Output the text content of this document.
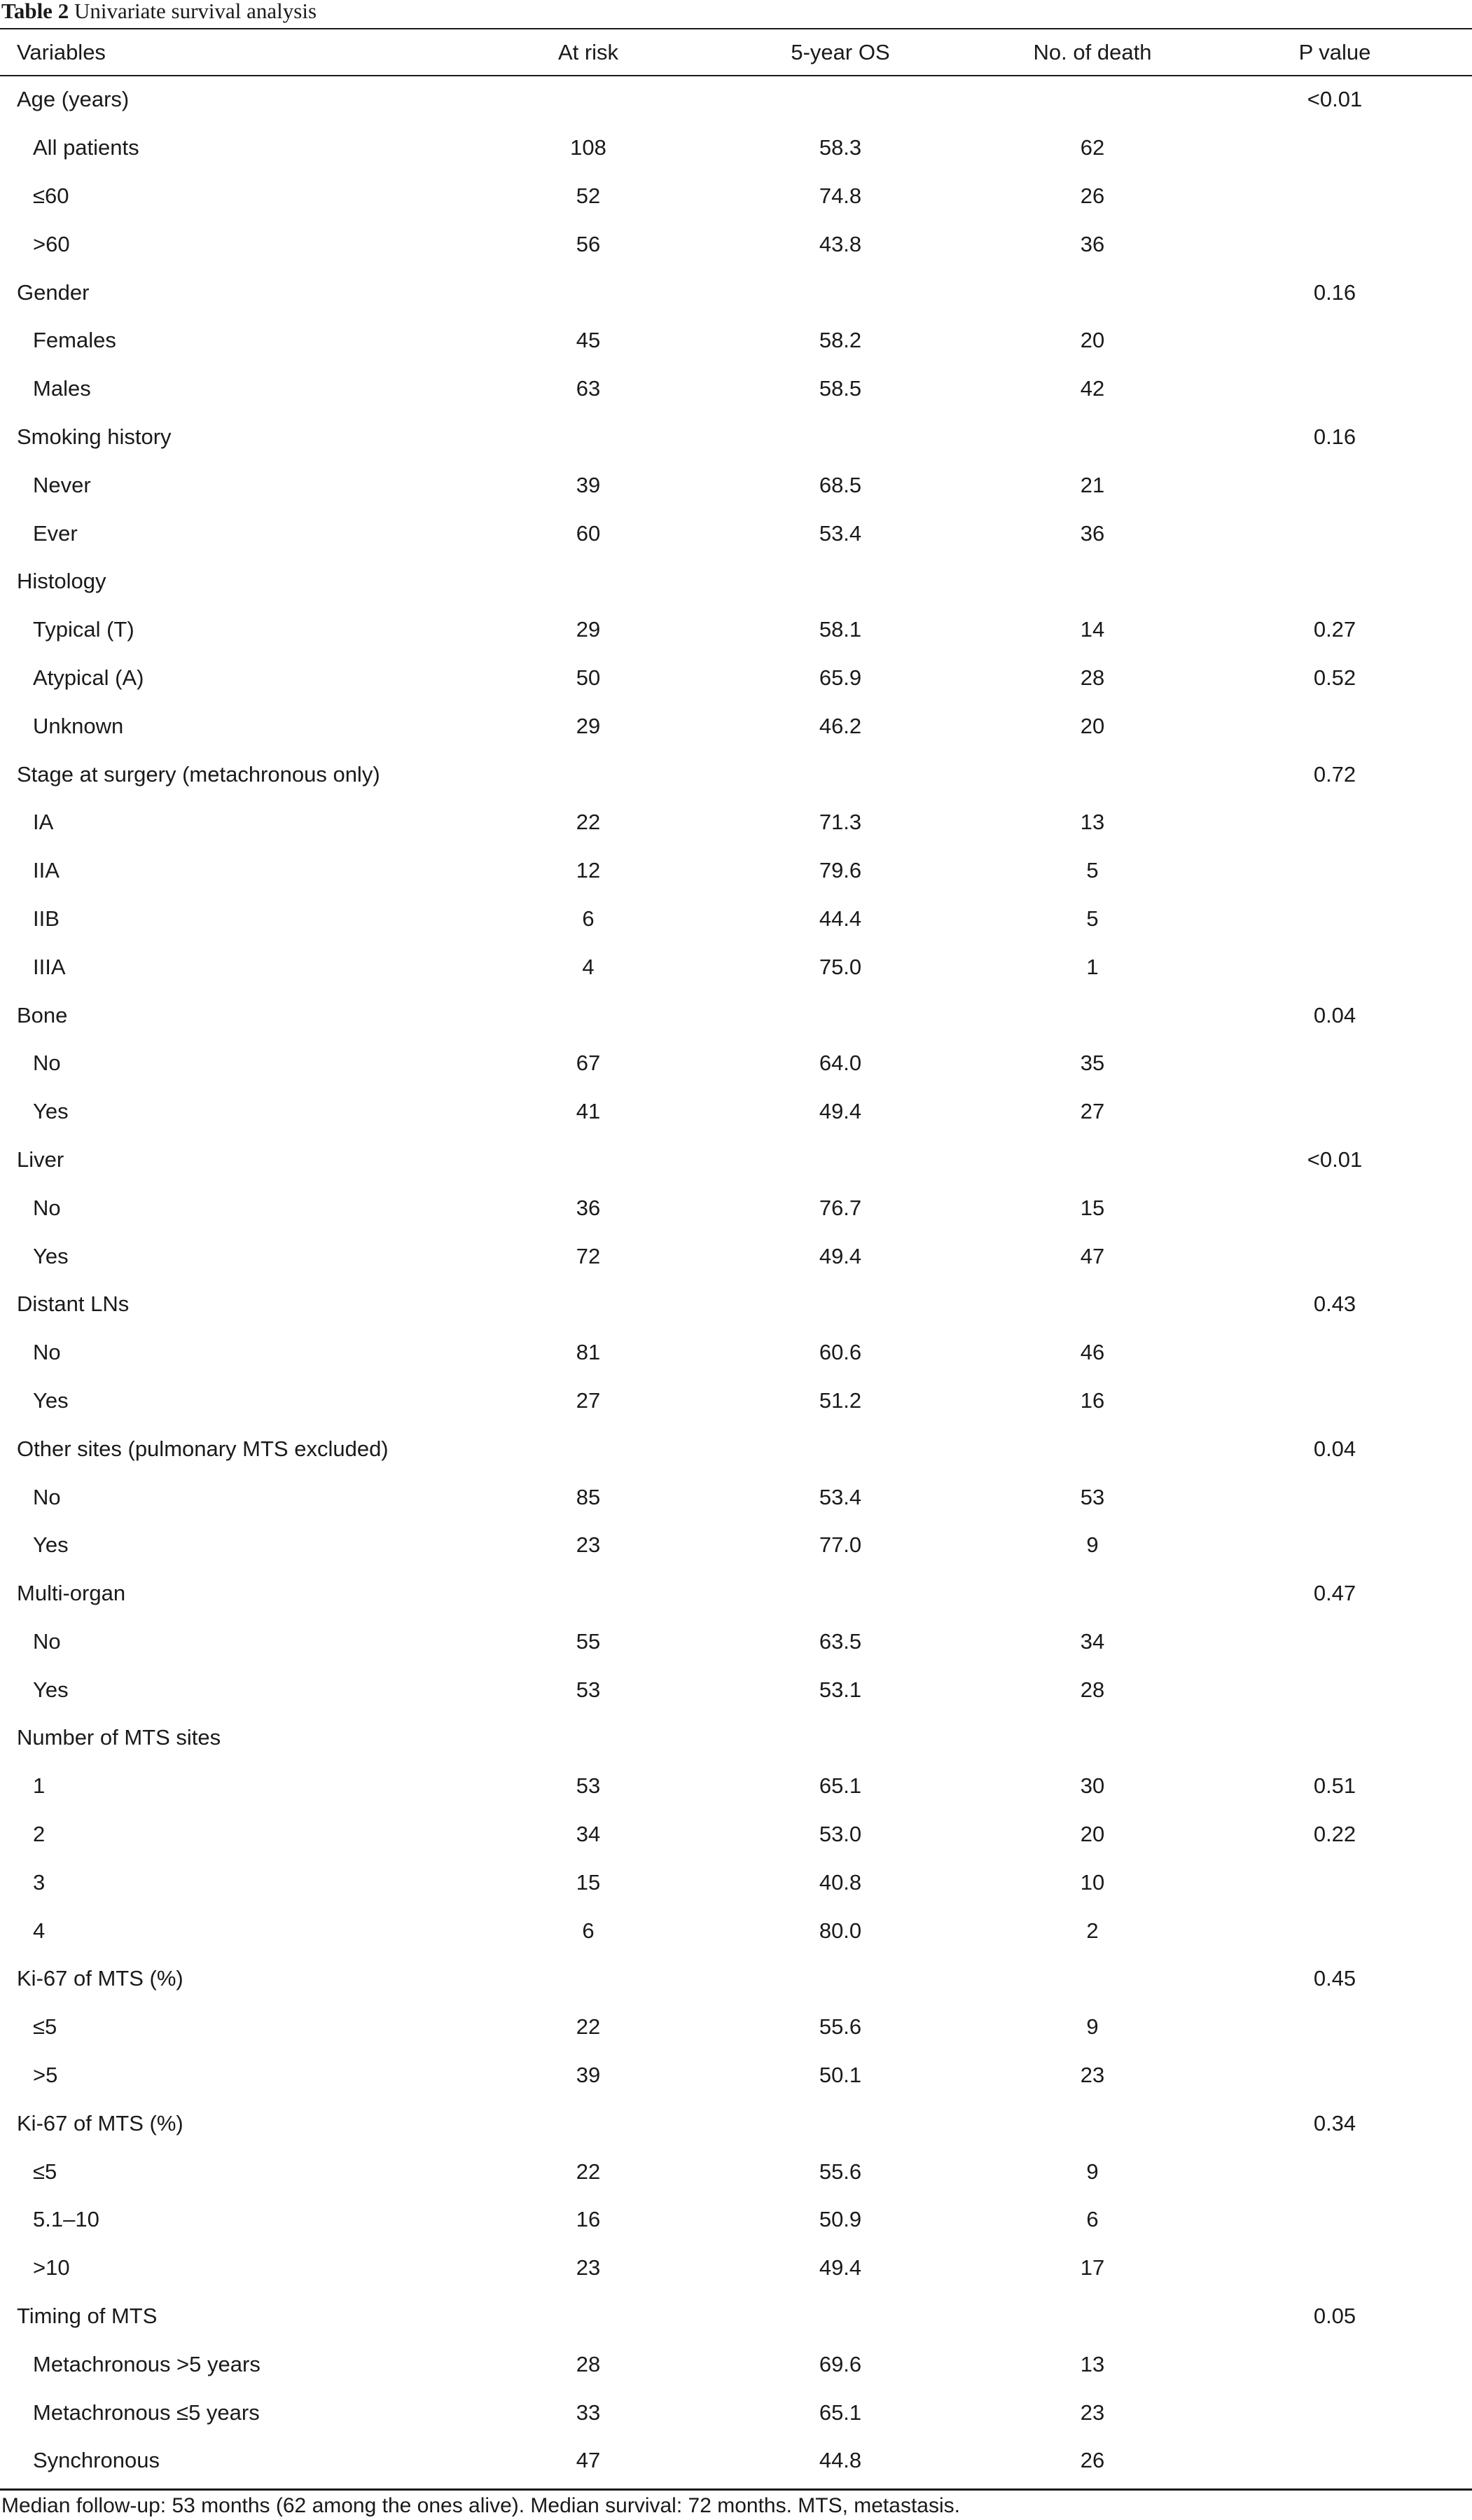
Table 2 Univariate survival analysis
Variables	At risk	5-year OS	No. of death	P value
Age (years)				<0.01
All patients	108	58.3	62	
≤60	52	74.8	26	
>60	56	43.8	36	
Gender				0.16
Females	45	58.2	20	
Males	63	58.5	42	
Smoking history				0.16
Never	39	68.5	21	
Ever	60	53.4	36	
Histology				
Typical (T)	29	58.1	14	0.27
Atypical (A)	50	65.9	28	0.52
Unknown	29	46.2	20	
Stage at surgery (metachronous only)				0.72
IA	22	71.3	13	
IIA	12	79.6	5	
IIB	6	44.4	5	
IIIA	4	75.0	1	
Bone				0.04
No	67	64.0	35	
Yes	41	49.4	27	
Liver				<0.01
No	36	76.7	15	
Yes	72	49.4	47	
Distant LNs				0.43
No	81	60.6	46	
Yes	27	51.2	16	
Other sites (pulmonary MTS excluded)				0.04
No	85	53.4	53	
Yes	23	77.0	9	
Multi-organ				0.47
No	55	63.5	34	
Yes	53	53.1	28	
Number of MTS sites				
1	53	65.1	30	0.51
2	34	53.0	20	0.22
3	15	40.8	10	
4	6	80.0	2	
Ki-67 of MTS (%)				0.45
≤5	22	55.6	9	
>5	39	50.1	23	
Ki-67 of MTS (%)				0.34
≤5	22	55.6	9	
5.1–10	16	50.9	6	
>10	23	49.4	17	
Timing of MTS				0.05
Metachronous >5 years	28	69.6	13	
Metachronous ≤5 years	33	65.1	23	
Synchronous	47	44.8	26	
Median follow-up: 53 months (62 among the ones alive). Median survival: 72 months. MTS, metastasis.
